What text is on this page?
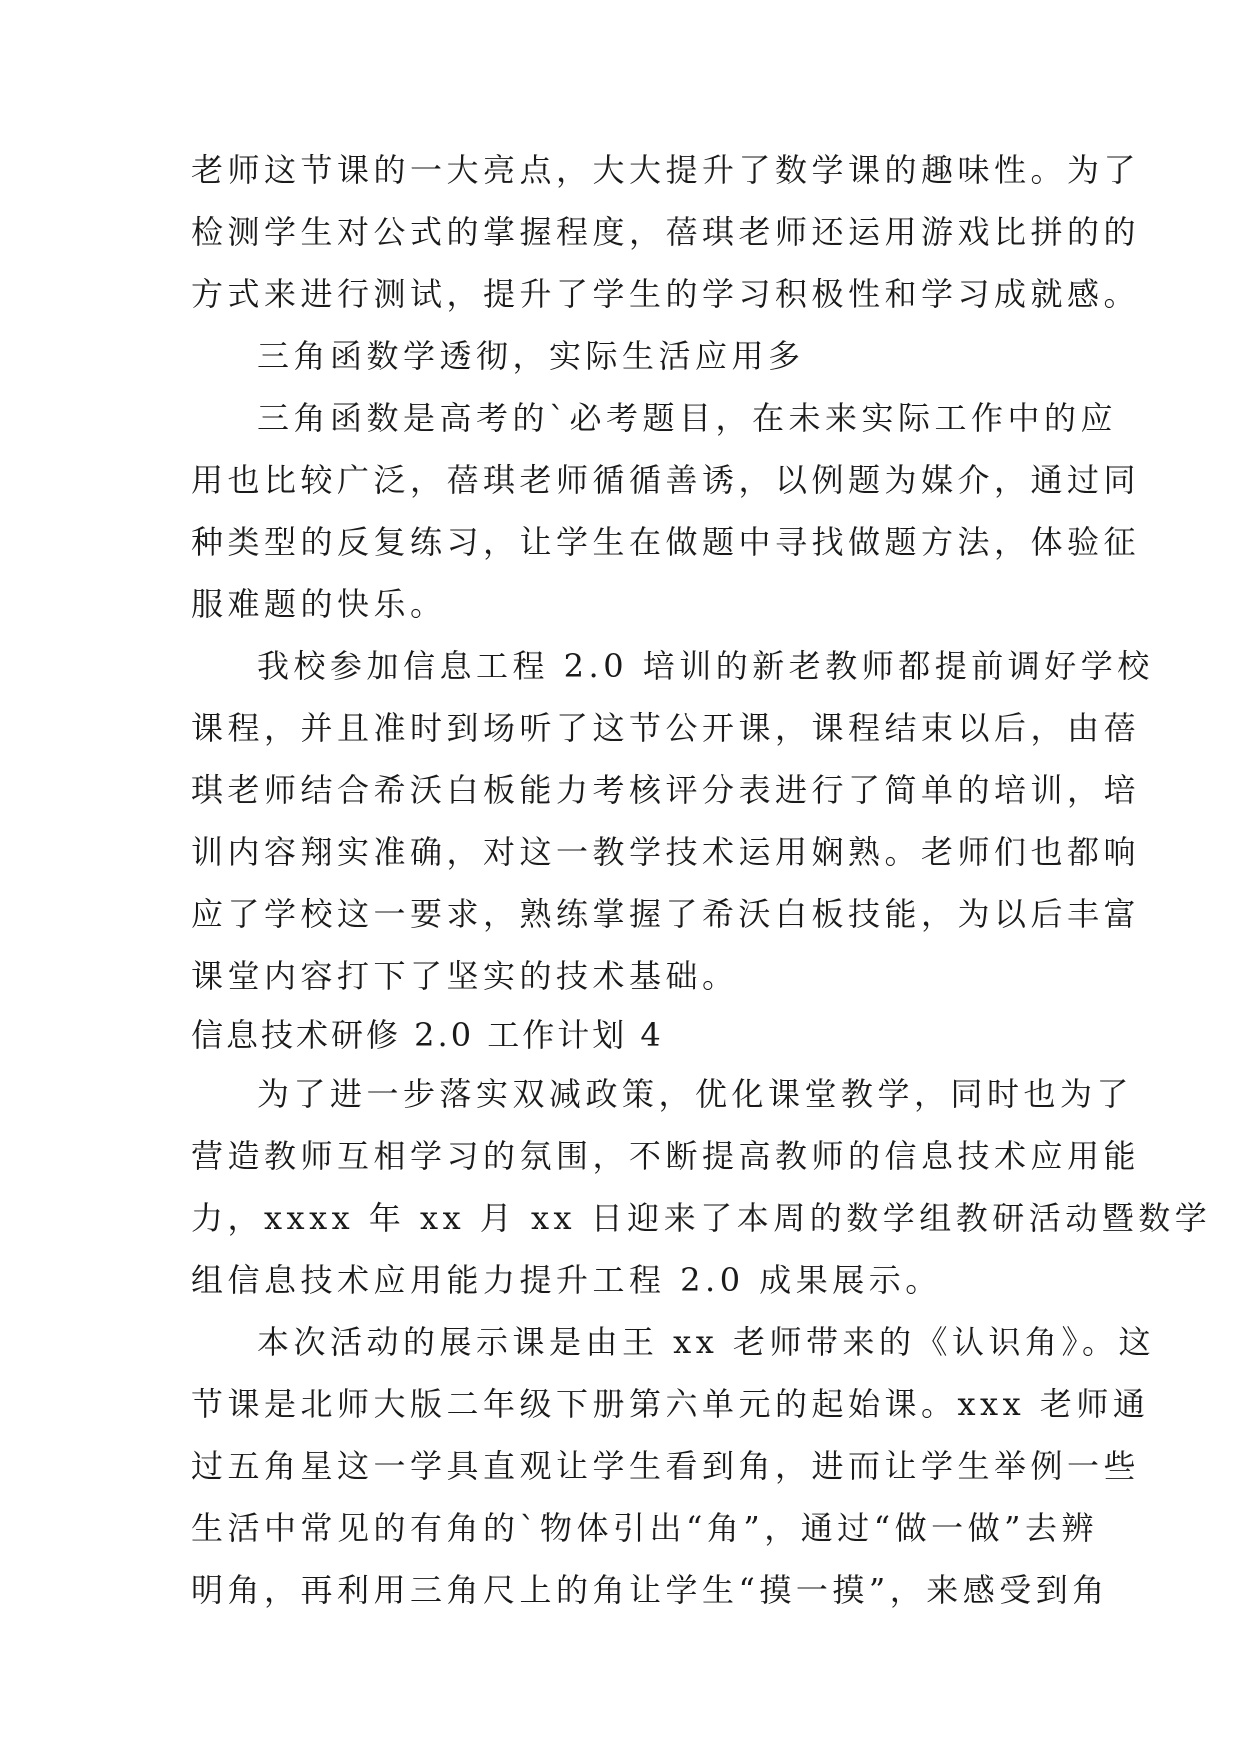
老师这节课的一大亮点，大大提升了数学课的趣味性。为了
检测学生对公式的掌握程度，蓓琪老师还运用游戏比拼的的
方式来进行测试，提升了学生的学习积极性和学习成就感。
三角函数学透彻，实际生活应用多
三角函数是高考的`必考题目，在未来实际工作中的应
用也比较广泛，蓓琪老师循循善诱，以例题为媒介，通过同
种类型的反复练习，让学生在做题中寻找做题方法，体验征
服难题的快乐。
我校参加信息工程 2.0 培训的新老教师都提前调好学校
课程，并且准时到场听了这节公开课，课程结束以后，由蓓
琪老师结合希沃白板能力考核评分表进行了简单的培训，培
训内容翔实准确，对这一教学技术运用娴熟。老师们也都响
应了学校这一要求，熟练掌握了希沃白板技能，为以后丰富
课堂内容打下了坚实的技术基础。
信息技术研修 2.0 工作计划 4
为了进一步落实双减政策，优化课堂教学，同时也为了
营造教师互相学习的氛围，不断提高教师的信息技术应用能
力，xxxx 年 xx 月 xx 日迎来了本周的数学组教研活动暨数学
组信息技术应用能力提升工程 2.0 成果展示。
本次活动的展示课是由王 xx 老师带来的《认识角》。这
节课是北师大版二年级下册第六单元的起始课。xxx 老师通
过五角星这一学具直观让学生看到角，进而让学生举例一些
生活中常见的有角的`物体引出“角”，通过“做一做”去辨
明角，再利用三角尺上的角让学生“摸一摸”，来感受到角
